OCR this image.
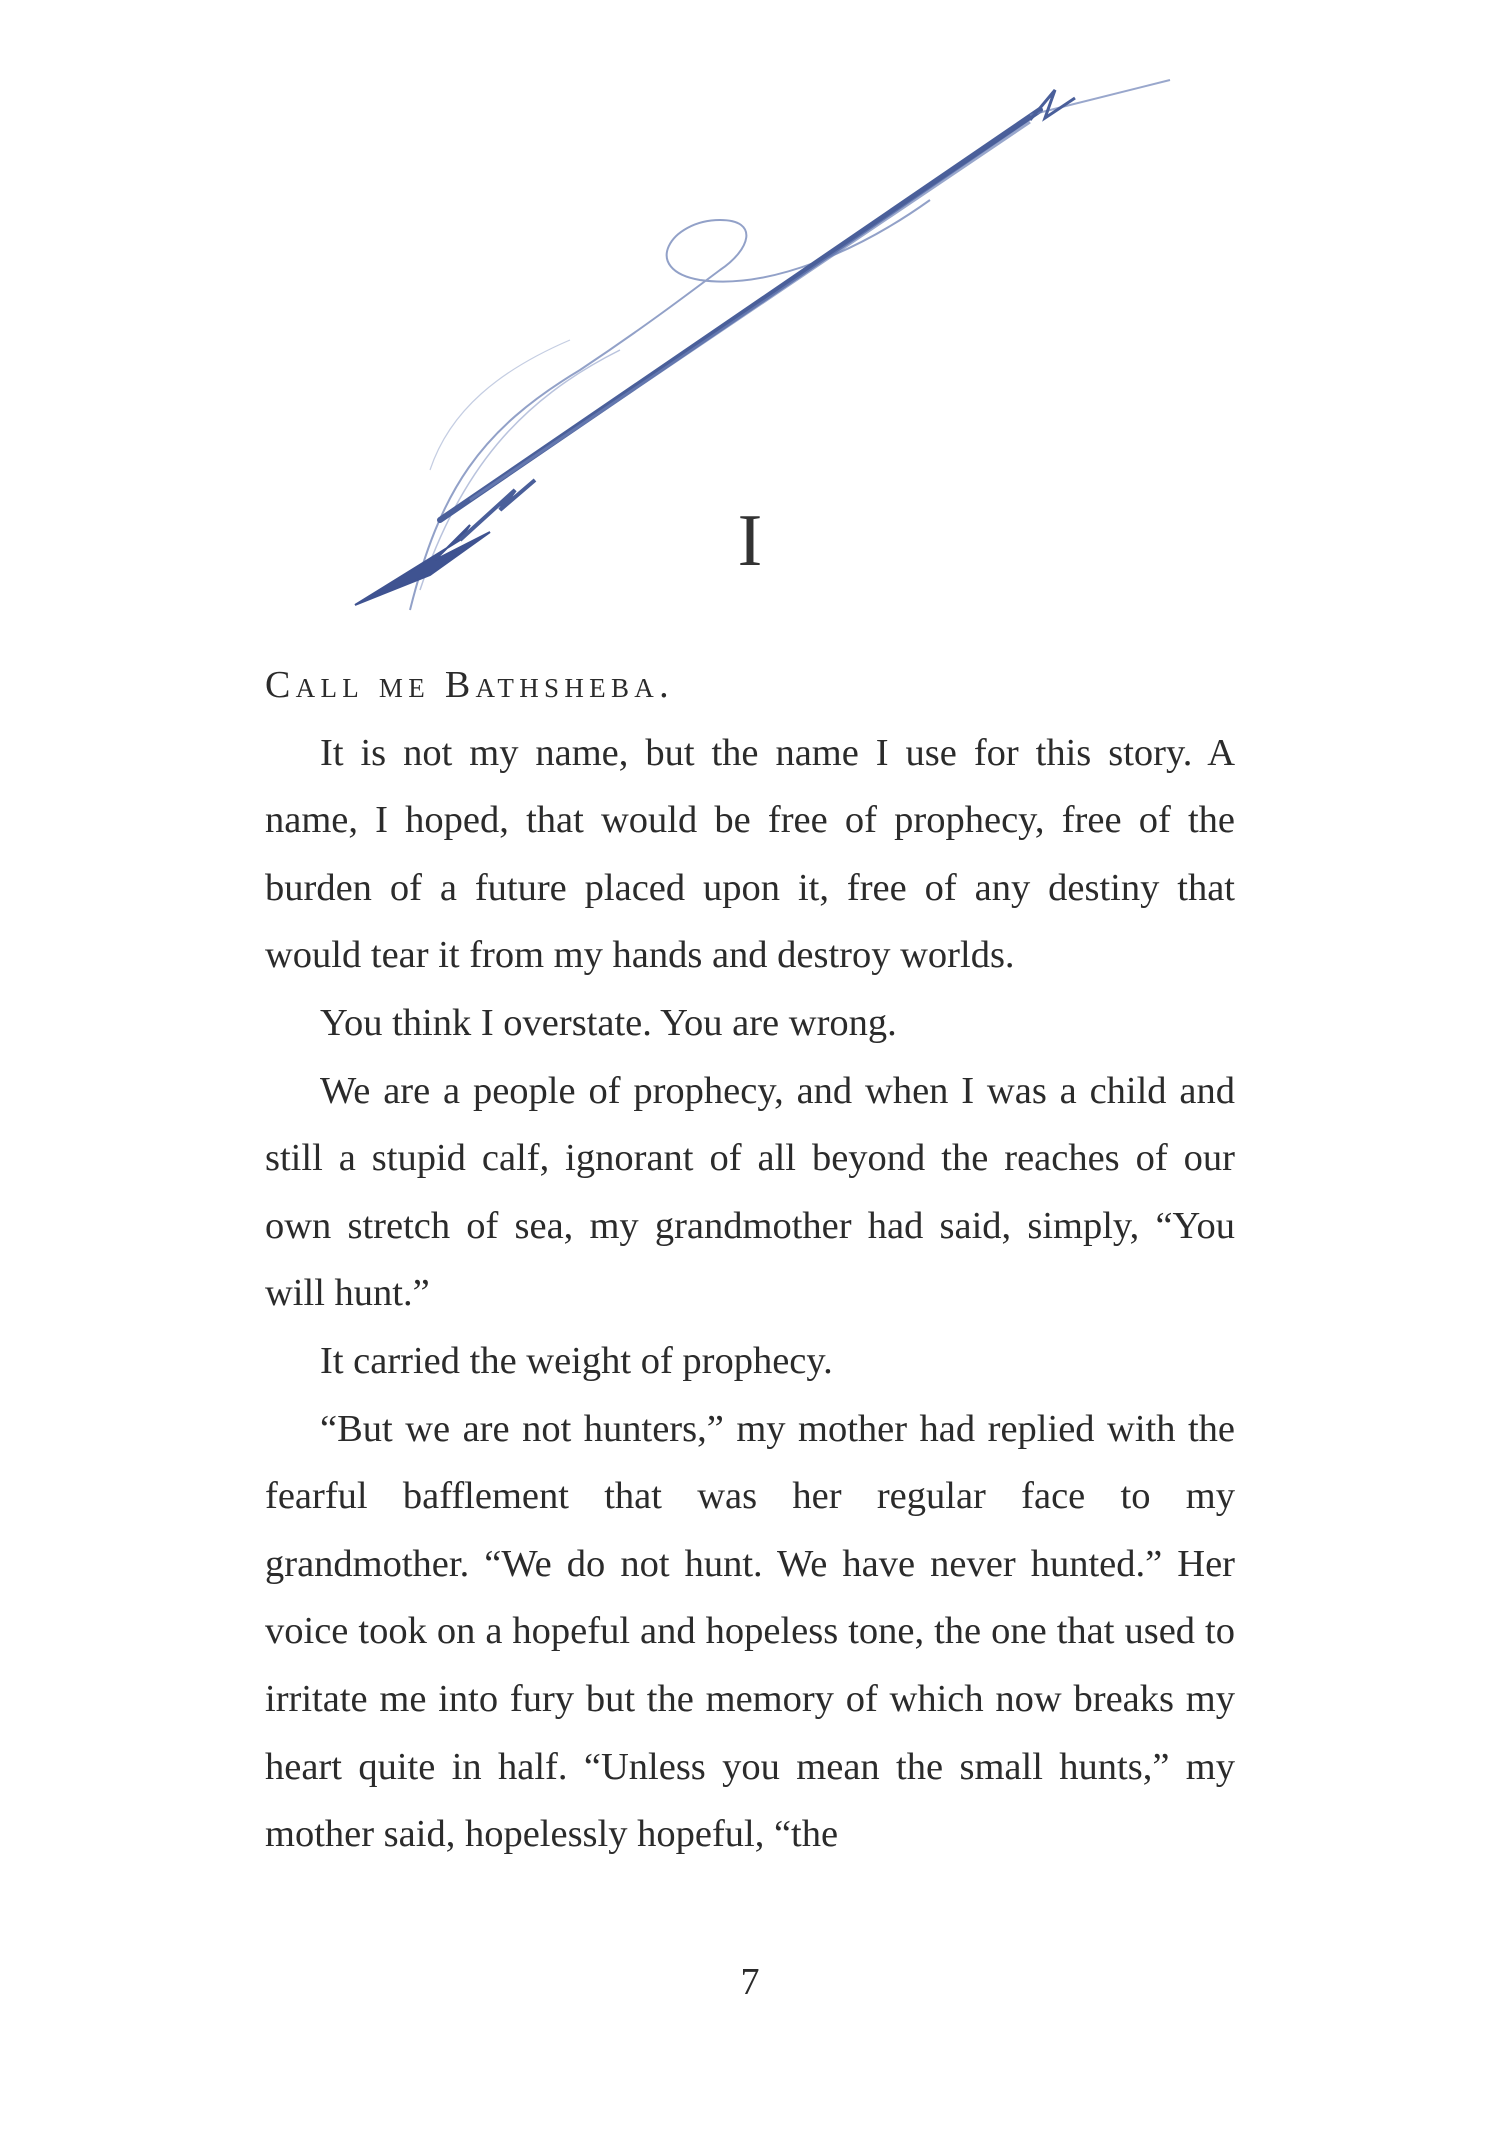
I

Call me Bathsheba.

It is not my name, but the name I use for this story. A name, I hoped, that would be free of prophecy, free of the burden of a future placed upon it, free of any destiny that would tear it from my hands and destroy worlds.

You think I overstate. You are wrong.

We are a people of prophecy, and when I was a child and still a stupid calf, ignorant of all beyond the reaches of our own stretch of sea, my grandmother had said, simply, “You will hunt.”

It carried the weight of prophecy.

“But we are not hunters,” my mother had replied with the fearful bafflement that was her regular face to my grandmother. “We do not hunt. We have never hunted.” Her voice took on a hopeful and hopeless tone, the one that used to irritate me into fury but the memory of which now breaks my heart quite in half. “Unless you mean the small hunts,” my mother said, hopelessly hopeful, “the

7
